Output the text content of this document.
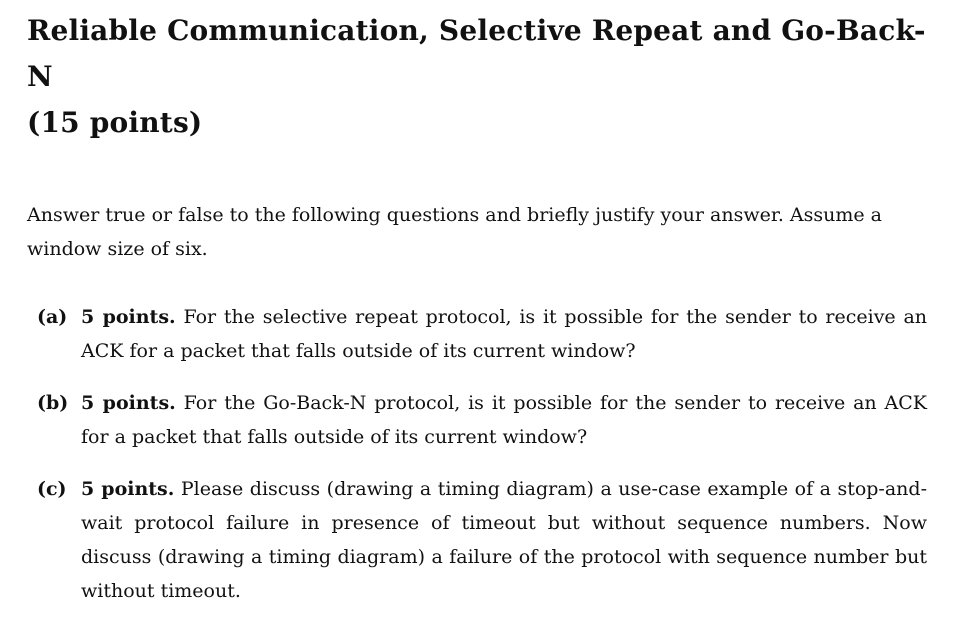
Reliable Communication, Selective Repeat and Go-Back-N
(15 points)
Answer true or false to the following questions and briefly justify your answer. Assume a
window size of six.
(a) 5 points. For the selective repeat protocol, is it possible for the sender to receive an ACK for a packet that falls outside of its current window?
(b) 5 points. For the Go-Back-N protocol, is it possible for the sender to receive an ACK for a packet that falls outside of its current window?
(c) 5 points. Please discuss (drawing a timing diagram) a use-case example of a stop-and-wait protocol failure in presence of timeout but without sequence numbers. Now discuss (drawing a timing diagram) a failure of the protocol with sequence number but without timeout.
